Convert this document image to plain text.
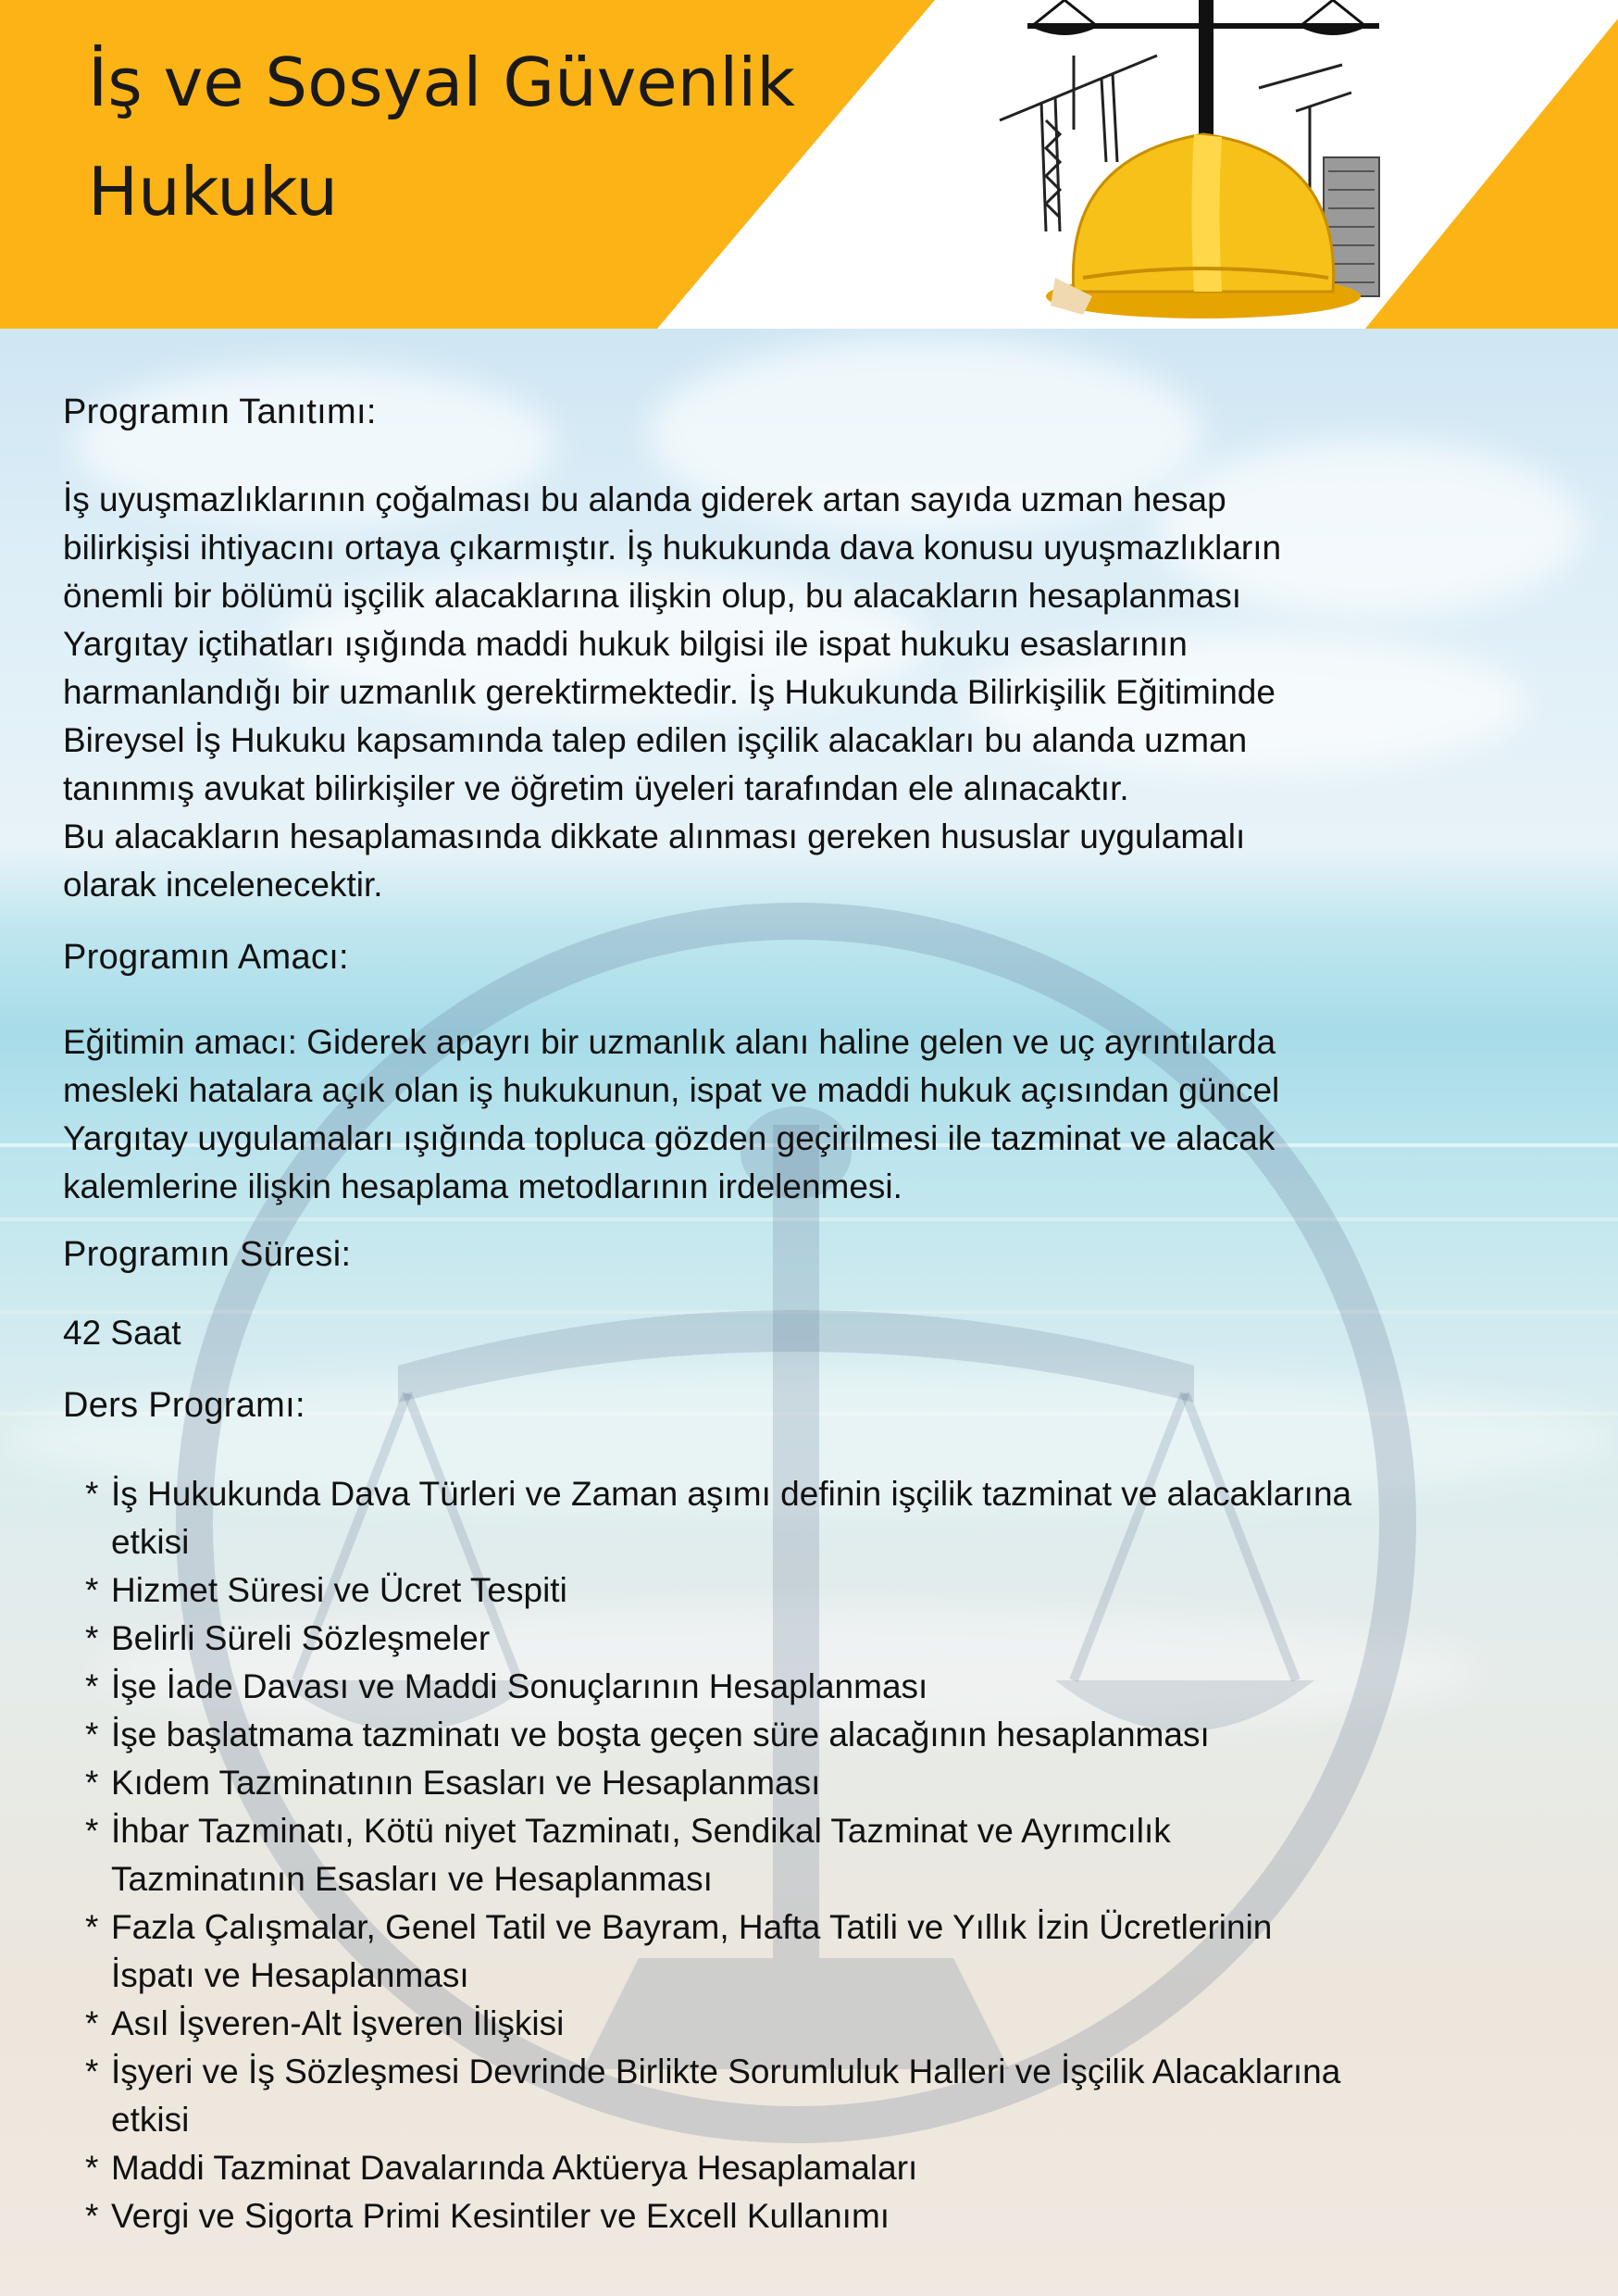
İş ve Sosyal Güvenlik
Hukuku
Programın Tanıtımı:
İş uyuşmazlıklarının çoğalması bu alanda giderek artan sayıda uzman hesap
bilirkişisi ihtiyacını ortaya çıkarmıştır. İş hukukunda dava konusu uyuşmazlıkların
önemli bir bölümü işçilik alacaklarına ilişkin olup, bu alacakların hesaplanması
Yargıtay içtihatları ışığında maddi hukuk bilgisi ile ispat hukuku esaslarının
harmanlandığı bir uzmanlık gerektirmektedir. İş Hukukunda Bilirkişilik Eğitiminde
Bireysel İş Hukuku kapsamında talep edilen işçilik alacakları bu alanda uzman
tanınmış avukat bilirkişiler ve öğretim üyeleri tarafından ele alınacaktır.
Bu alacakların hesaplamasında dikkate alınması gereken hususlar uygulamalı
olarak incelenecektir.
Programın Amacı:
Eğitimin amacı: Giderek apayrı bir uzmanlık alanı haline gelen ve uç ayrıntılarda
mesleki hatalara açık olan iş hukukunun, ispat ve maddi hukuk açısından güncel
Yargıtay uygulamaları ışığında topluca gözden geçirilmesi ile tazminat ve alacak
kalemlerine ilişkin hesaplama metodlarının irdelenmesi.
Programın Süresi:
42 Saat
Ders Programı:
* İş Hukukunda Dava Türleri ve Zaman aşımı definin işçilik tazminat ve alacaklarına
etkisi
* Hizmet Süresi ve Ücret Tespiti
* Belirli Süreli Sözleşmeler
* İşe İade Davası ve Maddi Sonuçlarının Hesaplanması
* İşe başlatmama tazminatı ve boşta geçen süre alacağının hesaplanması
* Kıdem Tazminatının Esasları ve Hesaplanması
* İhbar Tazminatı, Kötü niyet Tazminatı, Sendikal Tazminat ve Ayrımcılık
Tazminatının Esasları ve Hesaplanması
* Fazla Çalışmalar, Genel Tatil ve Bayram, Hafta Tatili ve Yıllık İzin Ücretlerinin
İspatı ve Hesaplanması
* Asıl İşveren-Alt İşveren İlişkisi
* İşyeri ve İş Sözleşmesi Devrinde Birlikte Sorumluluk Halleri ve İşçilik Alacaklarına
etkisi
* Maddi Tazminat Davalarında Aktüerya Hesaplamaları
* Vergi ve Sigorta Primi Kesintiler ve Excell Kullanımı
